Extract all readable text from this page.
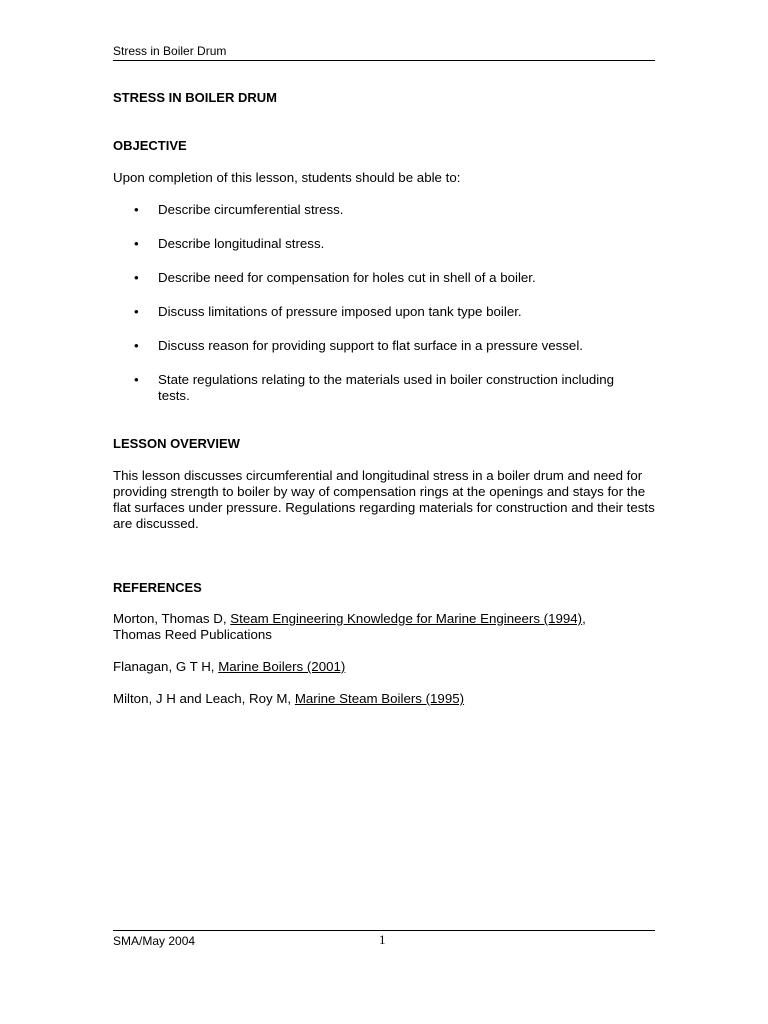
Stress in Boiler Drum
STRESS IN BOILER DRUM
OBJECTIVE
Upon completion of this lesson, students should be able to:
• Describe circumferential stress.
• Describe longitudinal stress.
• Describe need for compensation for holes cut in shell of a boiler.
• Discuss limitations of pressure imposed upon tank type boiler.
• Discuss reason for providing support to flat surface in a pressure vessel.
• State regulations relating to the materials used in boiler construction including tests.
LESSON OVERVIEW
This lesson discusses circumferential and longitudinal stress in a boiler drum and need for providing strength to boiler by way of compensation rings at the openings and stays for the flat surfaces under pressure. Regulations regarding materials for construction and their tests are discussed.
REFERENCES
Morton, Thomas D, Steam Engineering Knowledge for Marine Engineers (1994), Thomas Reed Publications
Flanagan, G T H, Marine Boilers (2001)
Milton, J H and Leach, Roy M, Marine Steam Boilers (1995)
SMA/May 2004	1
